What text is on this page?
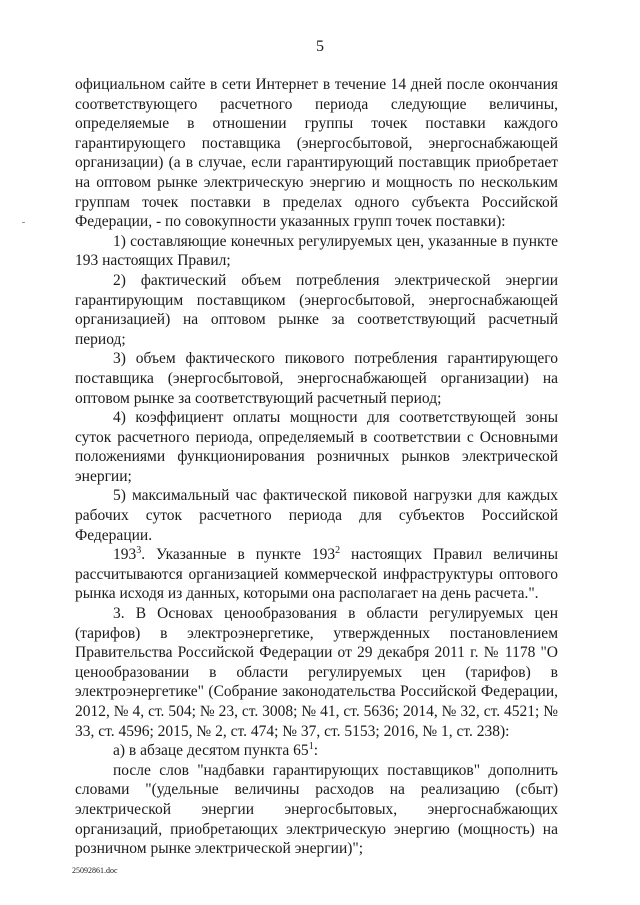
5

официальном сайте в сети Интернет в течение 14 дней после окончания соответствующего расчетного периода следующие величины, определяемые в отношении группы точек поставки каждого гарантирующего поставщика (энергосбытовой, энергоснабжающей организации) (а в случае, если гарантирующий поставщик приобретает на оптовом рынке электрическую энергию и мощность по нескольким группам точек поставки в пределах одного субъекта Российской Федерации, - по совокупности указанных групп точек поставки):

1) составляющие конечных регулируемых цен, указанные в пункте 193 настоящих Правил;

2) фактический объем потребления электрической энергии гарантирующим поставщиком (энергосбытовой, энергоснабжающей организацией) на оптовом рынке за соответствующий расчетный период;

3) объем фактического пикового потребления гарантирующего поставщика (энергосбытовой, энергоснабжающей организации) на оптовом рынке за соответствующий расчетный период;

4) коэффициент оплаты мощности для соответствующей зоны суток расчетного периода, определяемый в соответствии с Основными положениями функционирования розничных рынков электрической энергии;

5) максимальный час фактической пиковой нагрузки для каждых рабочих суток расчетного периода для субъектов Российской Федерации.

$193^3$. Указанные в пункте $193^2$ настоящих Правил величины рассчитываются организацией коммерческой инфраструктуры оптового рынка исходя из данных, которыми она располагает на день расчета.".

3. В Основах ценообразования в области регулируемых цен (тарифов) в электроэнергетике, утвержденных постановлением Правительства Российской Федерации от 29 декабря 2011 г. № 1178 "О ценообразовании в области регулируемых цен (тарифов) в электроэнергетике" (Собрание законодательства Российской Федерации, 2012, № 4, ст. 504; № 23, ст. 3008; № 41, ст. 5636; 2014, № 32, ст. 4521; № 33, ст. 4596; 2015, № 2, ст. 474; № 37, ст. 5153; 2016, № 1, ст. 238):

а) в абзаце десятом пункта $65^1$:

после слов "надбавки гарантирующих поставщиков" дополнить словами "(удельные величины расходов на реализацию (сбыт) электрической энергии энергосбытовых, энергоснабжающих организаций, приобретающих электрическую энергию (мощность) на розничном рынке электрической энергии)";

25092861.doc
